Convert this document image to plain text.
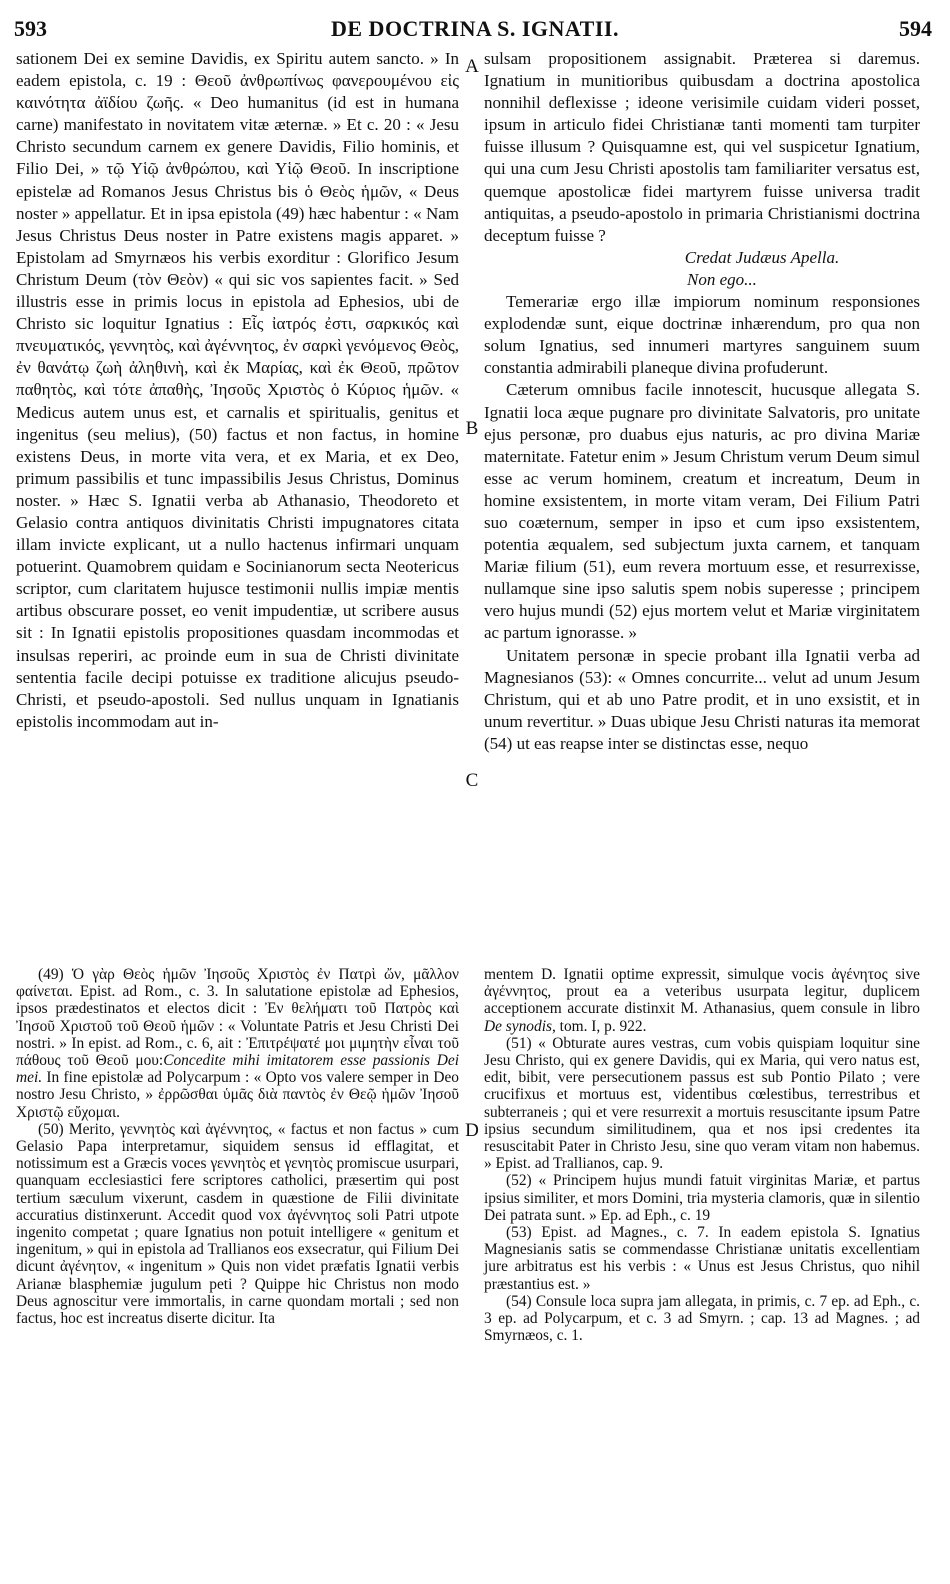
593	DE DOCTRINA S. IGNATII.	594
A
B
C
D

sationem Dei ex semine Davidis, ex Spiritu autem sancto. » In eadem epistola, c. 19 : Θεοῦ ἀνθρωπίνως φανερουμένου εἰς καινότητα ἀϊδίου ζωῆς. « Deo humanitus (id est in humana carne) manifestato in novitatem vitæ æternæ. » Et c. 20 : « Jesu Christo secundum carnem ex genere Davidis, Filio hominis, et Filio Dei, » τῷ Υἱῷ ἀνθρώπου, καὶ Υἱῷ Θεοῦ. In inscriptione epistelæ ad Romanos Jesus Christus bis ὁ Θεὸς ἡμῶν, « Deus noster » appellatur. Et in ipsa epistola (49) hæc habentur : « Nam Jesus Christus Deus noster in Patre existens magis apparet. » Epistolam ad Smyrnæos his verbis exorditur : Glorifico Jesum Christum Deum (τὸν Θεὸν) « qui sic vos sapientes facit. » Sed illustris esse in primis locus in epistola ad Ephesios, ubi de Christo sic loquitur Ignatius : Εἷς ἰατρός ἐστι, σαρκικός καὶ πνευματικός, γεννητὸς, καὶ ἀγέννητος, ἐν σαρκὶ γενόμενος Θεὸς, ἐν θανάτῳ ζωὴ ἀληθινὴ, καὶ ἐκ Μαρίας, καὶ ἐκ Θεοῦ, πρῶτον παθητὸς, καὶ τότε ἀπαθὴς, Ἰησοῦς Χριστὸς ὁ Κύριος ἡμῶν. « Medicus autem unus est, et carnalis et spiritualis, genitus et ingenitus (seu melius), (50) factus et non factus, in homine existens Deus, in morte vita vera, et ex Maria, et ex Deo, primum passibilis et tunc impassibilis Jesus Christus, Dominus noster. » Hæc S. Ignatii verba ab Athanasio, Theodoreto et Gelasio contra antiquos divinitatis Christi impugnatores citata illam invicte explicant, ut a nullo hactenus infirmari unquam potuerint. Quamobrem quidam e Socinianorum secta Neotericus scriptor, cum claritatem hujusce testimonii nullis impiæ mentis artibus obscurare posset, eo venit impudentiæ, ut scribere ausus sit : In Ignatii epistolis propositiones quasdam incommodas et insulsas reperiri, ac proinde eum in sua de Christi divinitate sententia facile decipi potuisse ex traditione alicujus pseudo-Christi, et pseudo-apostoli. Sed nullus unquam in Ignatianis epistolis incommodam aut in-

sulsam propositionem assignabit. Præterea si daremus. Ignatium in munitioribus quibusdam a doctrina apostolica nonnihil deflexisse ; ideone verisimile cuidam videri posset, ipsum in articulo fidei Christianæ tanti momenti tam turpiter fuisse illusum ? Quisquamne est, qui vel suspicetur Ignatium, qui una cum Jesu Christi apostolis tam familiariter versatus est, quemque apostolicæ fidei martyrem fuisse universa tradit antiquitas, a pseudo-apostolo in primaria Christianismi doctrina deceptum fuisse ?

Credat Judæus Apella.

Non ego...

Temerariæ ergo illæ impiorum nominum responsiones explodendæ sunt, eique doctrinæ inhærendum, pro qua non solum Ignatius, sed innumeri martyres sanguinem suum constantia admirabili planeque divina profuderunt.

Cæterum omnibus facile innotescit, hucusque allegata S. Ignatii loca æque pugnare pro divinitate Salvatoris, pro unitate ejus personæ, pro duabus ejus naturis, ac pro divina Mariæ maternitate. Fatetur enim » Jesum Christum verum Deum simul esse ac verum hominem, creatum et increatum, Deum in homine exsistentem, in morte vitam veram, Dei Filium Patri suo coæternum, semper in ipso et cum ipso exsistentem, potentia æqualem, sed subjectum juxta carnem, et tanquam Mariæ filium (51), eum revera mortuum esse, et resurrexisse, nullamque sine ipso salutis spem nobis superesse ; principem vero hujus mundi (52) ejus mortem velut et Mariæ virginitatem ac partum ignorasse. »

Unitatem personæ in specie probant illa Ignatii verba ad Magnesianos (53): « Omnes concurrite... velut ad unum Jesum Christum, qui et ab uno Patre prodit, et in uno exsistit, et in unum revertitur. » Duas ubique Jesu Christi naturas ita memorat (54) ut eas reapse inter se distinctas esse, nequo

(49) Ὁ γὰρ Θεὸς ἡμῶν Ἰησοῦς Χριστὸς ἐν Πατρὶ ὤν, μᾶλλον φαίνεται. Epist. ad Rom., c. 3. In salutatione epistolæ ad Ephesios, ipsos prædestinatos et electos dicit : Ἐν θελήματι τοῦ Πατρὸς καὶ Ἰησοῦ Χριστοῦ τοῦ Θεοῦ ἡμῶν : « Voluntate Patris et Jesu Christi Dei nostri. » In epist. ad Rom., c. 6, ait : Ἐπιτρέψατέ μοι μιμητὴν εἶναι τοῦ πάθους τοῦ Θεοῦ μου:Concedite mihi imitatorem esse passionis Dei mei. In fine epistolæ ad Polycarpum : « Opto vos valere semper in Deo nostro Jesu Christo, » ἐρρῶσθαι ὑμᾶς διὰ παντὸς ἐν Θεῷ ἡμῶν Ἰησοῦ Χριστῷ εὔχομαι.

(50) Merito, γεννητὸς καὶ ἀγέννητος, « factus et non factus » cum Gelasio Papa interpretamur, siquidem sensus id efflagitat, et notissimum est a Græcis voces γεννητὸς et γενητὸς promiscue usurpari, quanquam ecclesiastici fere scriptores catholici, præsertim qui post tertium sæculum vixerunt, casdem in quæstione de Filii divinitate accuratius distinxerunt. Accedit quod vox ἀγέννητος soli Patri utpote ingenito competat ; quare Ignatius non potuit intelligere « genitum et ingenitum, » qui in epistola ad Trallianos eos exsecratur, qui Filium Dei dicunt ἀγένητον, « ingenitum » Quis non videt præfatis Ignatii verbis Arianæ blasphemiæ jugulum peti ? Quippe hic Christus non modo Deus agnoscitur vere immortalis, in carne quondam mortali ; sed non factus, hoc est increatus diserte dicitur. Ita

mentem D. Ignatii optime expressit, simulque vocis ἀγένητος sive ἀγέννητος, prout ea a veteribus usurpata legitur, duplicem acceptionem accurate distinxit M. Athanasius, quem consule in libro De synodis, tom. I, p. 922.

(51) « Obturate aures vestras, cum vobis quispiam loquitur sine Jesu Christo, qui ex genere Davidis, qui ex Maria, qui vero natus est, edit, bibit, vere persecutionem passus est sub Pontio Pilato ; vere crucifixus et mortuus est, videntibus cœlestibus, terrestribus et subterraneis ; qui et vere resurrexit a mortuis resuscitante ipsum Patre ipsius secundum similitudinem, qua et nos ipsi credentes ita resuscitabit Pater in Christo Jesu, sine quo veram vitam non habemus. » Epist. ad Trallianos, cap. 9.

(52) « Principem hujus mundi fatuit virginitas Mariæ, et partus ipsius similiter, et mors Domini, tria mysteria clamoris, quæ in silentio Dei patrata sunt. » Ep. ad Eph., c. 19

(53) Epist. ad Magnes., c. 7. In eadem epistola S. Ignatius Magnesianis satis se commendasse Christianæ unitatis excellentiam jure arbitratus est his verbis : « Unus est Jesus Christus, quo nihil præstantius est. »

(54) Consule loca supra jam allegata, in primis, c. 7 ep. ad Eph., c. 3 ep. ad Polycarpum, et c. 3 ad Smyrn. ; cap. 13 ad Magnes. ; ad Smyrnæos, c. 1.
